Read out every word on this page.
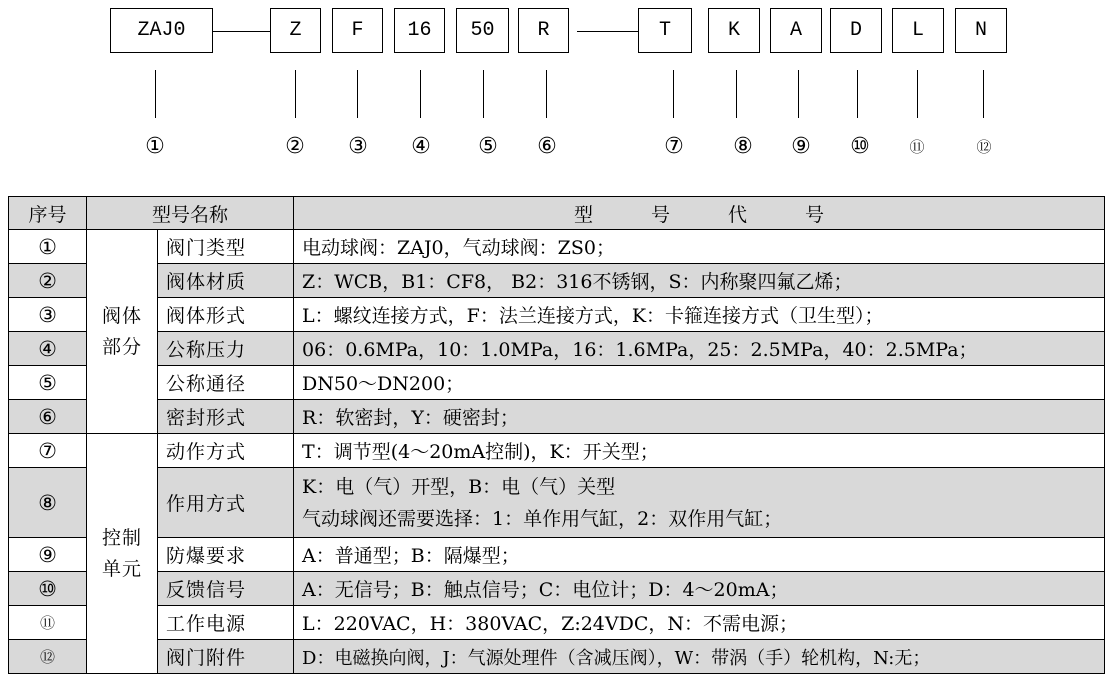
ZAJ0	Z	F	16	50	R	T	K	A	D	L	N
①	② ③ ④ ⑤ ⑥	⑦ ⑧ ⑨ ⑩	⑪	⑫
序号	型号名称		型号代号
①	阀体部分	阀门类型	电动球阀：ZAJ0，气动球阀：ZS0；
②		阀体材质	Z：WCB，B1：CF8， B2：316不锈钢，S：内称聚四氟乙烯；
③		阀体形式	L：螺纹连接方式，F：法兰连接方式，K：卡箍连接方式（卫生型）；
④		公称压力	06：0.6MPa，10：1.0MPa，16：1.6MPa，25：2.5MPa，40：2.5MPa；
⑤		公称通径	DN50～DN200；
⑥		密封形式	R：软密封，Y：硬密封；
⑦	控制单元	动作方式	T：调节型(4～20mA控制)，K：开关型；
⑧		作用方式	K：电（气）开型，B：电（气）关型
气动球阀还需要选择：1：单作用气缸，2：双作用气缸；

⑨		防爆要求	A：普通型；B：隔爆型；
⑩		反馈信号	A：无信号；B：触点信号；C：电位计；D：4～20mA；
⑪		工作电源	L：220VAC，H：380VAC，Z:24VDC，N：不需电源；
⑫		阀门附件	D：电磁换向阀，J：气源处理件（含减压阀），W：带涡（手）轮机构，N:无；
